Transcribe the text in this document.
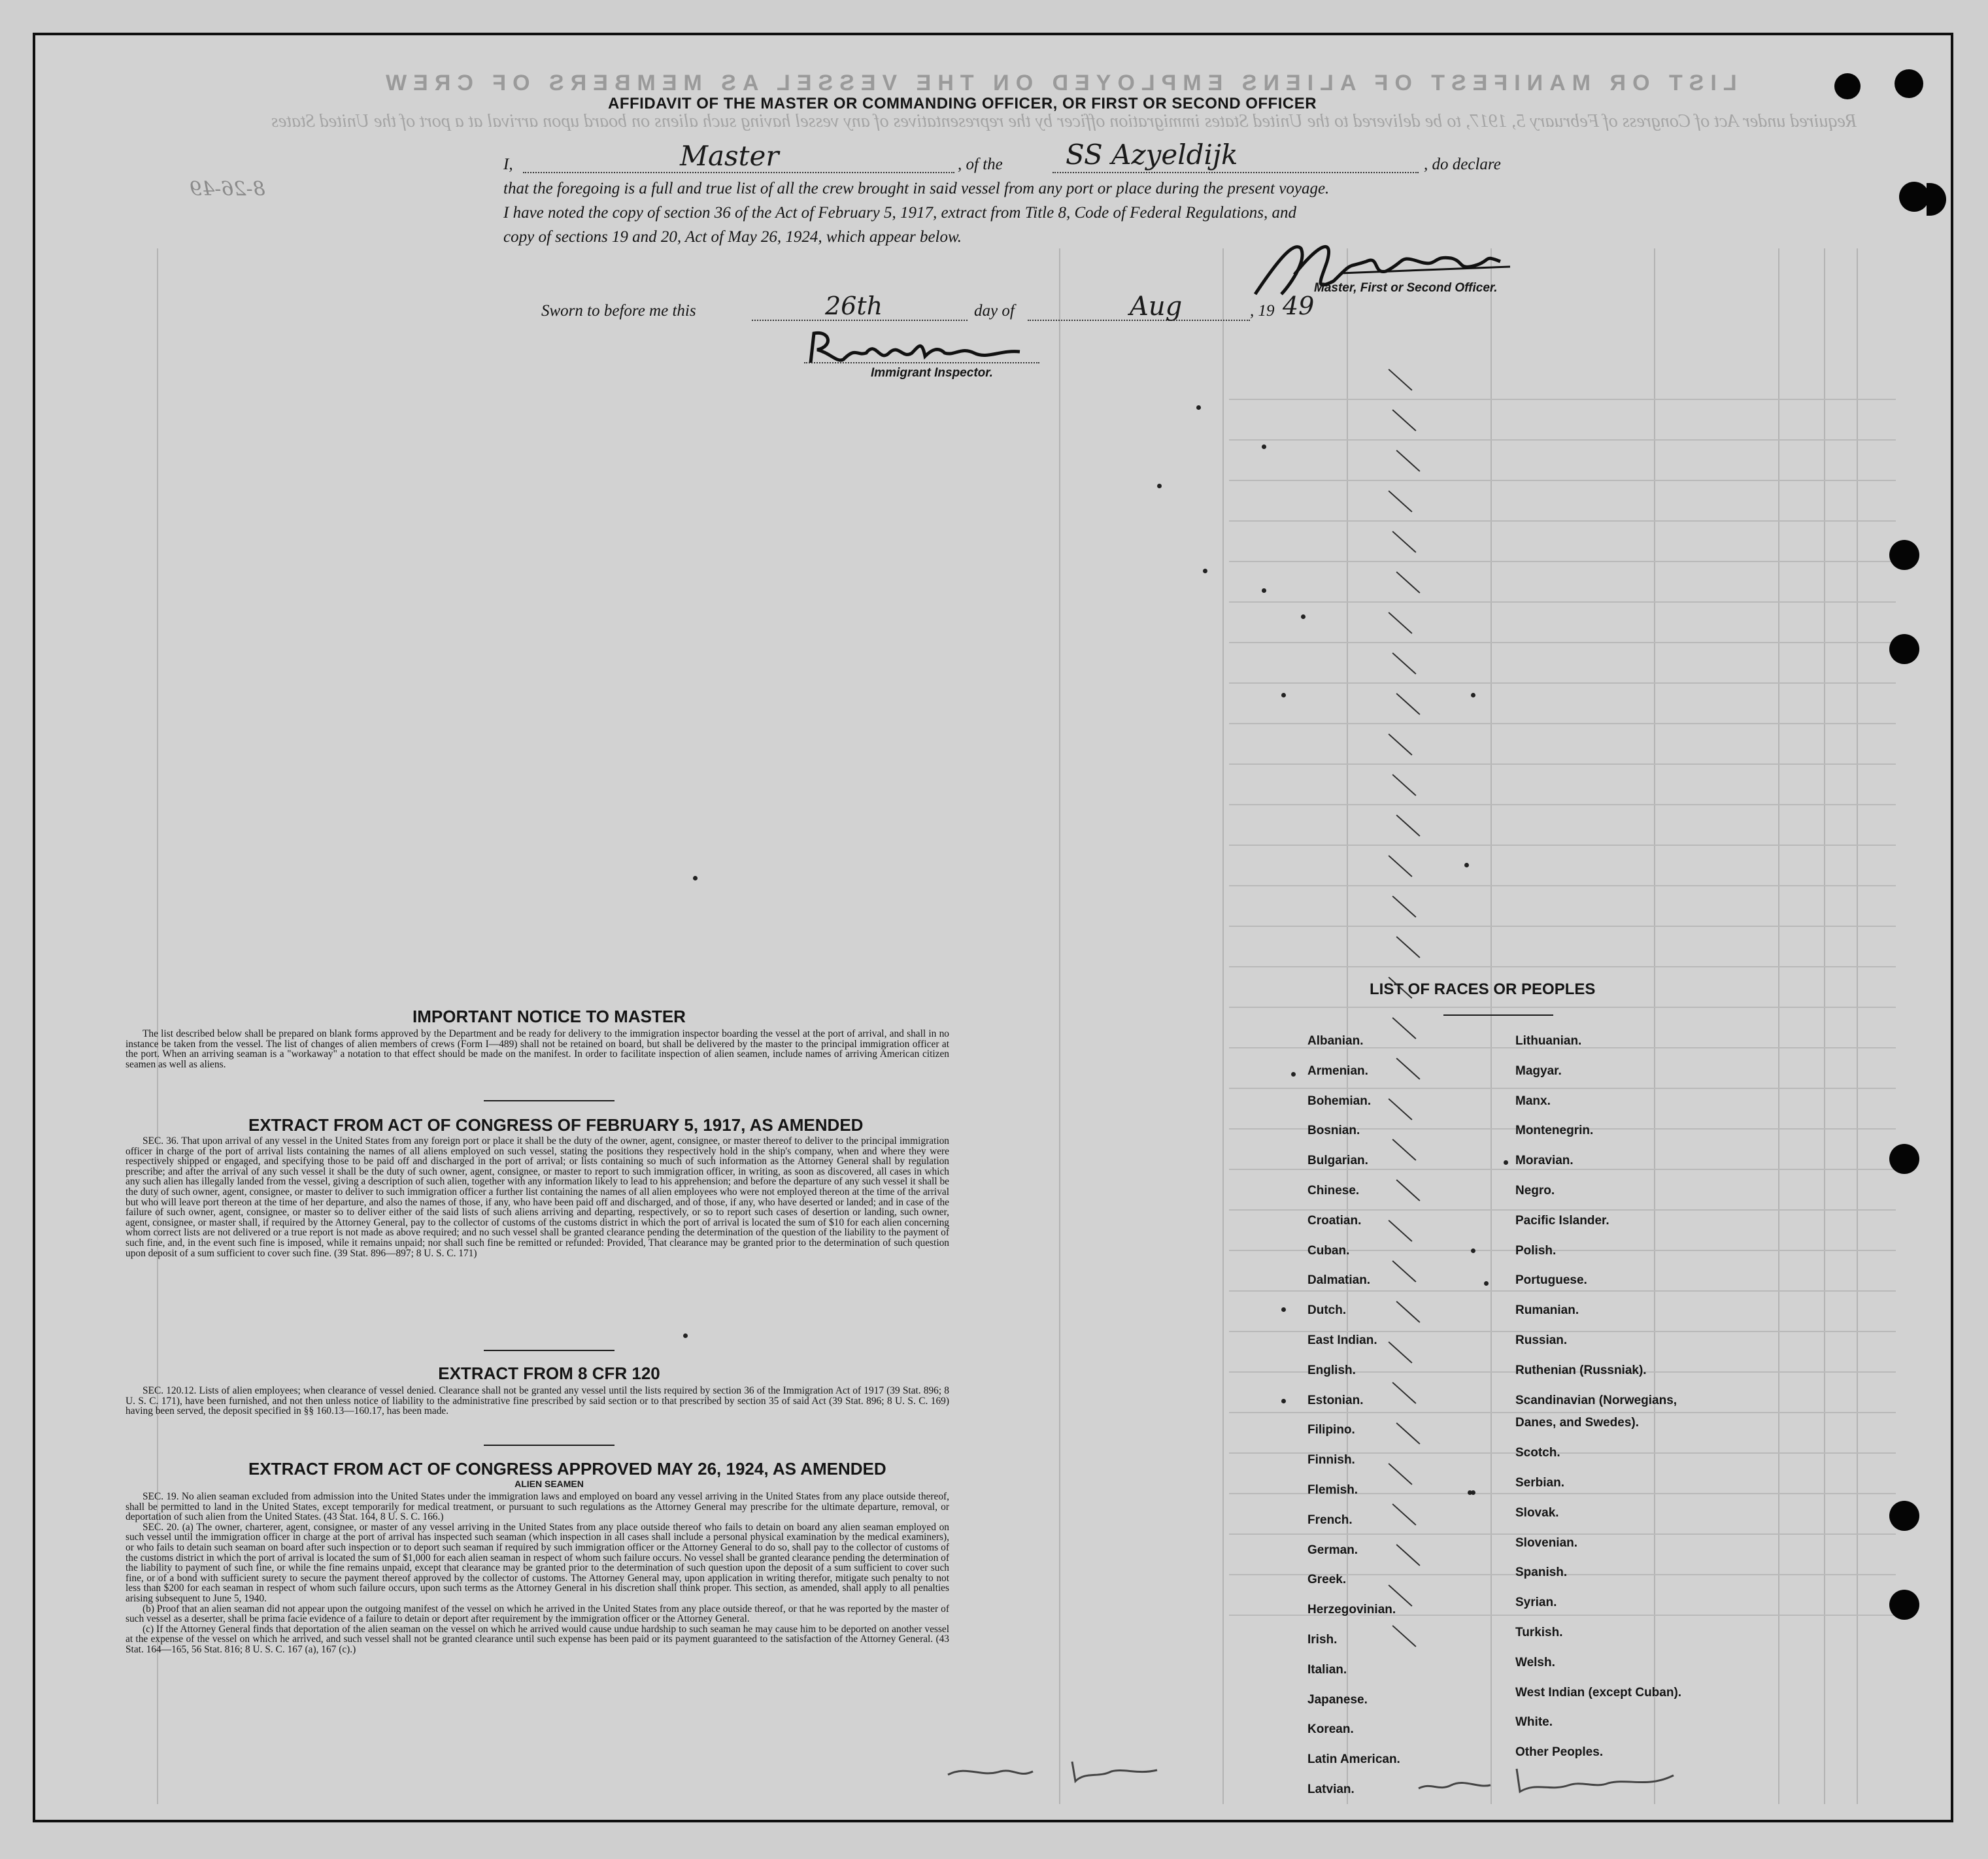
LIST OR MANIFEST OF ALIENS EMPLOYED ON THE VESSEL AS MEMBERS OF CREW
Required under Act of Congress of February 5, 1917, to be delivered to the United States immigration officer by the representatives of any vessel having such aliens on board upon arrival at a port of the United States
AFFIDAVIT OF THE MASTER OR COMMANDING OFFICER, OR FIRST OR SECOND OFFICER
I,	Master	, of the	SS Azyeldijk	, do declare
that the foregoing is a full and true list of all the crew brought in said vessel from any port or place during the present voyage.
I have noted the copy of section 36 of the Act of February 5, 1917, extract from Title 8, Code of Federal Regulations, and
copy of sections 19 and 20, Act of May 26, 1924, which appear below.
8-26-49
Master, First or Second Officer.
Sworn to before me this	26th	day of	Aug	, 19 49
Immigrant Inspector.
IMPORTANT NOTICE TO MASTER

The list described below shall be prepared on blank forms approved by the Department and be ready for delivery to the immigration inspector boarding the vessel at the port of arrival, and shall in no instance be taken from the vessel. The list of changes of alien members of crews (Form I—489) shall not be retained on board, but shall be delivered by the master to the principal immigration officer at the port. When an arriving seaman is a "workaway" a notation to that effect should be made on the manifest. In order to facilitate inspection of alien seamen, include names of arriving American citizen seamen as well as aliens.

EXTRACT FROM ACT OF CONGRESS OF FEBRUARY 5, 1917, AS AMENDED

SEC. 36. That upon arrival of any vessel in the United States from any foreign port or place it shall be the duty of the owner, agent, consignee, or master thereof to deliver to the principal immigration officer in charge of the port of arrival lists containing the names of all aliens employed on such vessel, stating the positions they respectively hold in the ship's company, when and where they were respectively shipped or engaged, and specifying those to be paid off and discharged in the port of arrival; or lists containing so much of such information as the Attorney General shall by regulation prescribe; and after the arrival of any such vessel it shall be the duty of such owner, agent, consignee, or master to report to such immigration officer, in writing, as soon as discovered, all cases in which any such alien has illegally landed from the vessel, giving a description of such alien, together with any information likely to lead to his apprehension; and before the departure of any such vessel it shall be the duty of such owner, agent, consignee, or master to deliver to such immigration officer a further list containing the names of all alien employees who were not employed thereon at the time of the arrival but who will leave port thereon at the time of her departure, and also the names of those, if any, who have been paid off and discharged, and of those, if any, who have deserted or landed; and in case of the failure of such owner, agent, consignee, or master so to deliver either of the said lists of such aliens arriving and departing, respectively, or so to report such cases of desertion or landing, such owner, agent, consignee, or master shall, if required by the Attorney General, pay to the collector of customs of the customs district in which the port of arrival is located the sum of $10 for each alien concerning whom correct lists are not delivered or a true report is not made as above required; and no such vessel shall be granted clearance pending the determination of the question of the liability to the payment of such fine, and, in the event such fine is imposed, while it remains unpaid; nor shall such fine be remitted or refunded: Provided, That clearance may be granted prior to the determination of such question upon deposit of a sum sufficient to cover such fine. (39 Stat. 896—897; 8 U. S. C. 171)

EXTRACT FROM 8 CFR 120

SEC. 120.12. Lists of alien employees; when clearance of vessel denied. Clearance shall not be granted any vessel until the lists required by section 36 of the Immigration Act of 1917 (39 Stat. 896; 8 U. S. C. 171), have been furnished, and not then unless notice of liability to the administrative fine prescribed by said section or to that prescribed by section 35 of said Act (39 Stat. 896; 8 U. S. C. 169) having been served, the deposit specified in §§ 160.13—160.17, has been made.

EXTRACT FROM ACT OF CONGRESS APPROVED MAY 26, 1924, AS AMENDED
ALIEN SEAMEN

SEC. 19. No alien seaman excluded from admission into the United States under the immigration laws and employed on board any vessel arriving in the United States from any place outside thereof, shall be permitted to land in the United States, except temporarily for medical treatment, or pursuant to such regulations as the Attorney General may prescribe for the ultimate departure, removal, or deportation of such alien from the United States. (43 Stat. 164, 8 U. S. C. 166.)

SEC. 20. (a) The owner, charterer, agent, consignee, or master of any vessel arriving in the United States from any place outside thereof who fails to detain on board any alien seaman employed on such vessel until the immigration officer in charge at the port of arrival has inspected such seaman (which inspection in all cases shall include a personal physical examination by the medical examiners), or who fails to detain such seaman on board after such inspection or to deport such seaman if required by such immigration officer or the Attorney General to do so, shall pay to the collector of customs of the customs district in which the port of arrival is located the sum of $1,000 for each alien seaman in respect of whom such failure occurs. No vessel shall be granted clearance pending the determination of the liability to payment of such fine, or while the fine remains unpaid, except that clearance may be granted prior to the determination of such question upon the deposit of a sum sufficient to cover such fine, or of a bond with sufficient surety to secure the payment thereof approved by the collector of customs. The Attorney General may, upon application in writing therefor, mitigate such penalty to not less than $200 for each seaman in respect of whom such failure occurs, upon such terms as the Attorney General in his discretion shall think proper. This section, as amended, shall apply to all penalties arising subsequent to June 5, 1940.

(b) Proof that an alien seaman did not appear upon the outgoing manifest of the vessel on which he arrived in the United States from any place outside thereof, or that he was reported by the master of such vessel as a deserter, shall be prima facie evidence of a failure to detain or deport after requirement by the immigration officer or the Attorney General.

(c) If the Attorney General finds that deportation of the alien seaman on the vessel on which he arrived would cause undue hardship to such seaman he may cause him to be deported on another vessel at the expense of the vessel on which he arrived, and such vessel shall not be granted clearance until such expense has been paid or its payment guaranteed to the satisfaction of the Attorney General. (43 Stat. 164—165, 56 Stat. 816; 8 U. S. C. 167 (a), 167 (c).)

LIST OF RACES OR PEOPLES
Albanian.
Armenian.
Bohemian.
Bosnian.
Bulgarian.
Chinese.
Croatian.
Cuban.
Dalmatian.
Dutch.
East Indian.
English.
Estonian.
Filipino.
Finnish.
Flemish.
French.
German.
Greek.
Herzegovinian.
Irish.
Italian.
Japanese.
Korean.
Latin American.
Latvian.
Lithuanian.
Magyar.
Manx.
Montenegrin.
Moravian.
Negro.
Pacific Islander.
Polish.
Portuguese.
Rumanian.
Russian.
Ruthenian (Russniak).
Scandinavian (Norwegians,
Danes, and Swedes).
Scotch.
Serbian.
Slovak.
Slovenian.
Spanish.
Syrian.
Turkish.
Welsh.
West Indian (except Cuban).
White.
Other Peoples.
